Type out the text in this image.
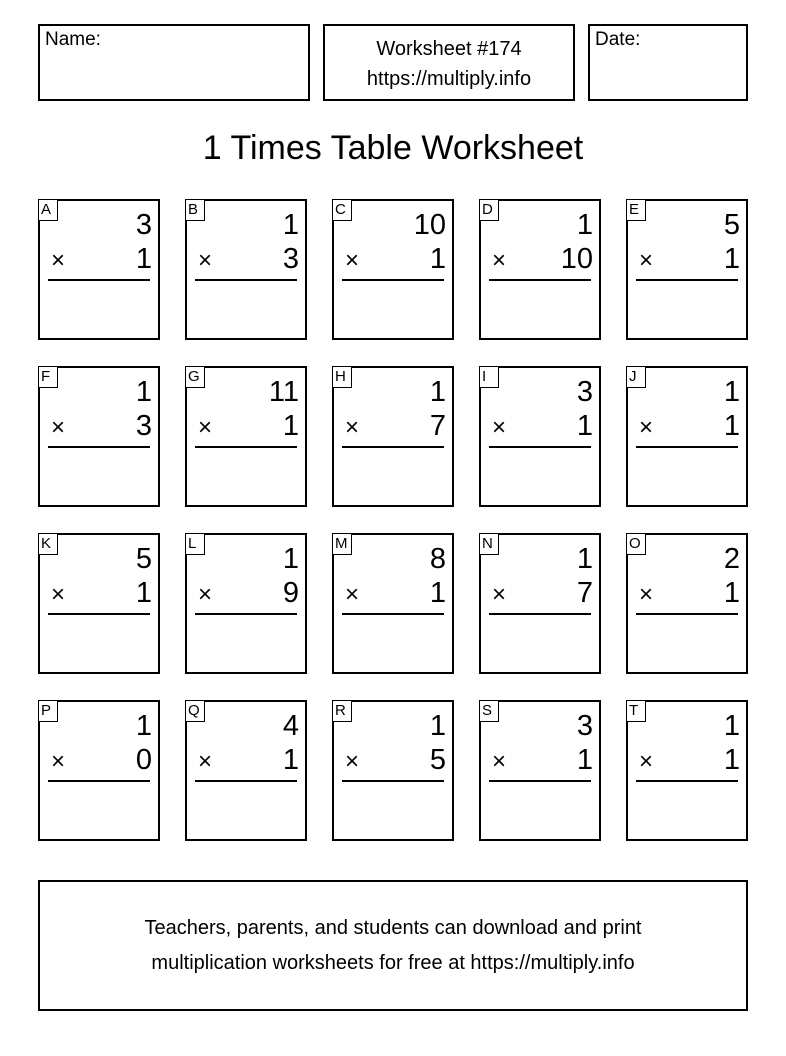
Name:	Worksheet #174
https://multiply.info
Date:
1 Times Table Worksheet
A	3
× 1
B	1
× 3
C 10
× 1
D	1
× 10
E	5
× 1
F	1
× 3
G 11
× 1
H	1
× 7
I	3
× 1
J	1
× 1
K	5
× 1
L	1
× 9
M	8
× 1
N	1
× 7
O	2
× 1
P	1
× 0
Q	4
× 1
R	1
× 5
S	3
× 1
T	1
× 1
Teachers, parents, and students can download and print
multiplication worksheets for free at https://multiply.info
